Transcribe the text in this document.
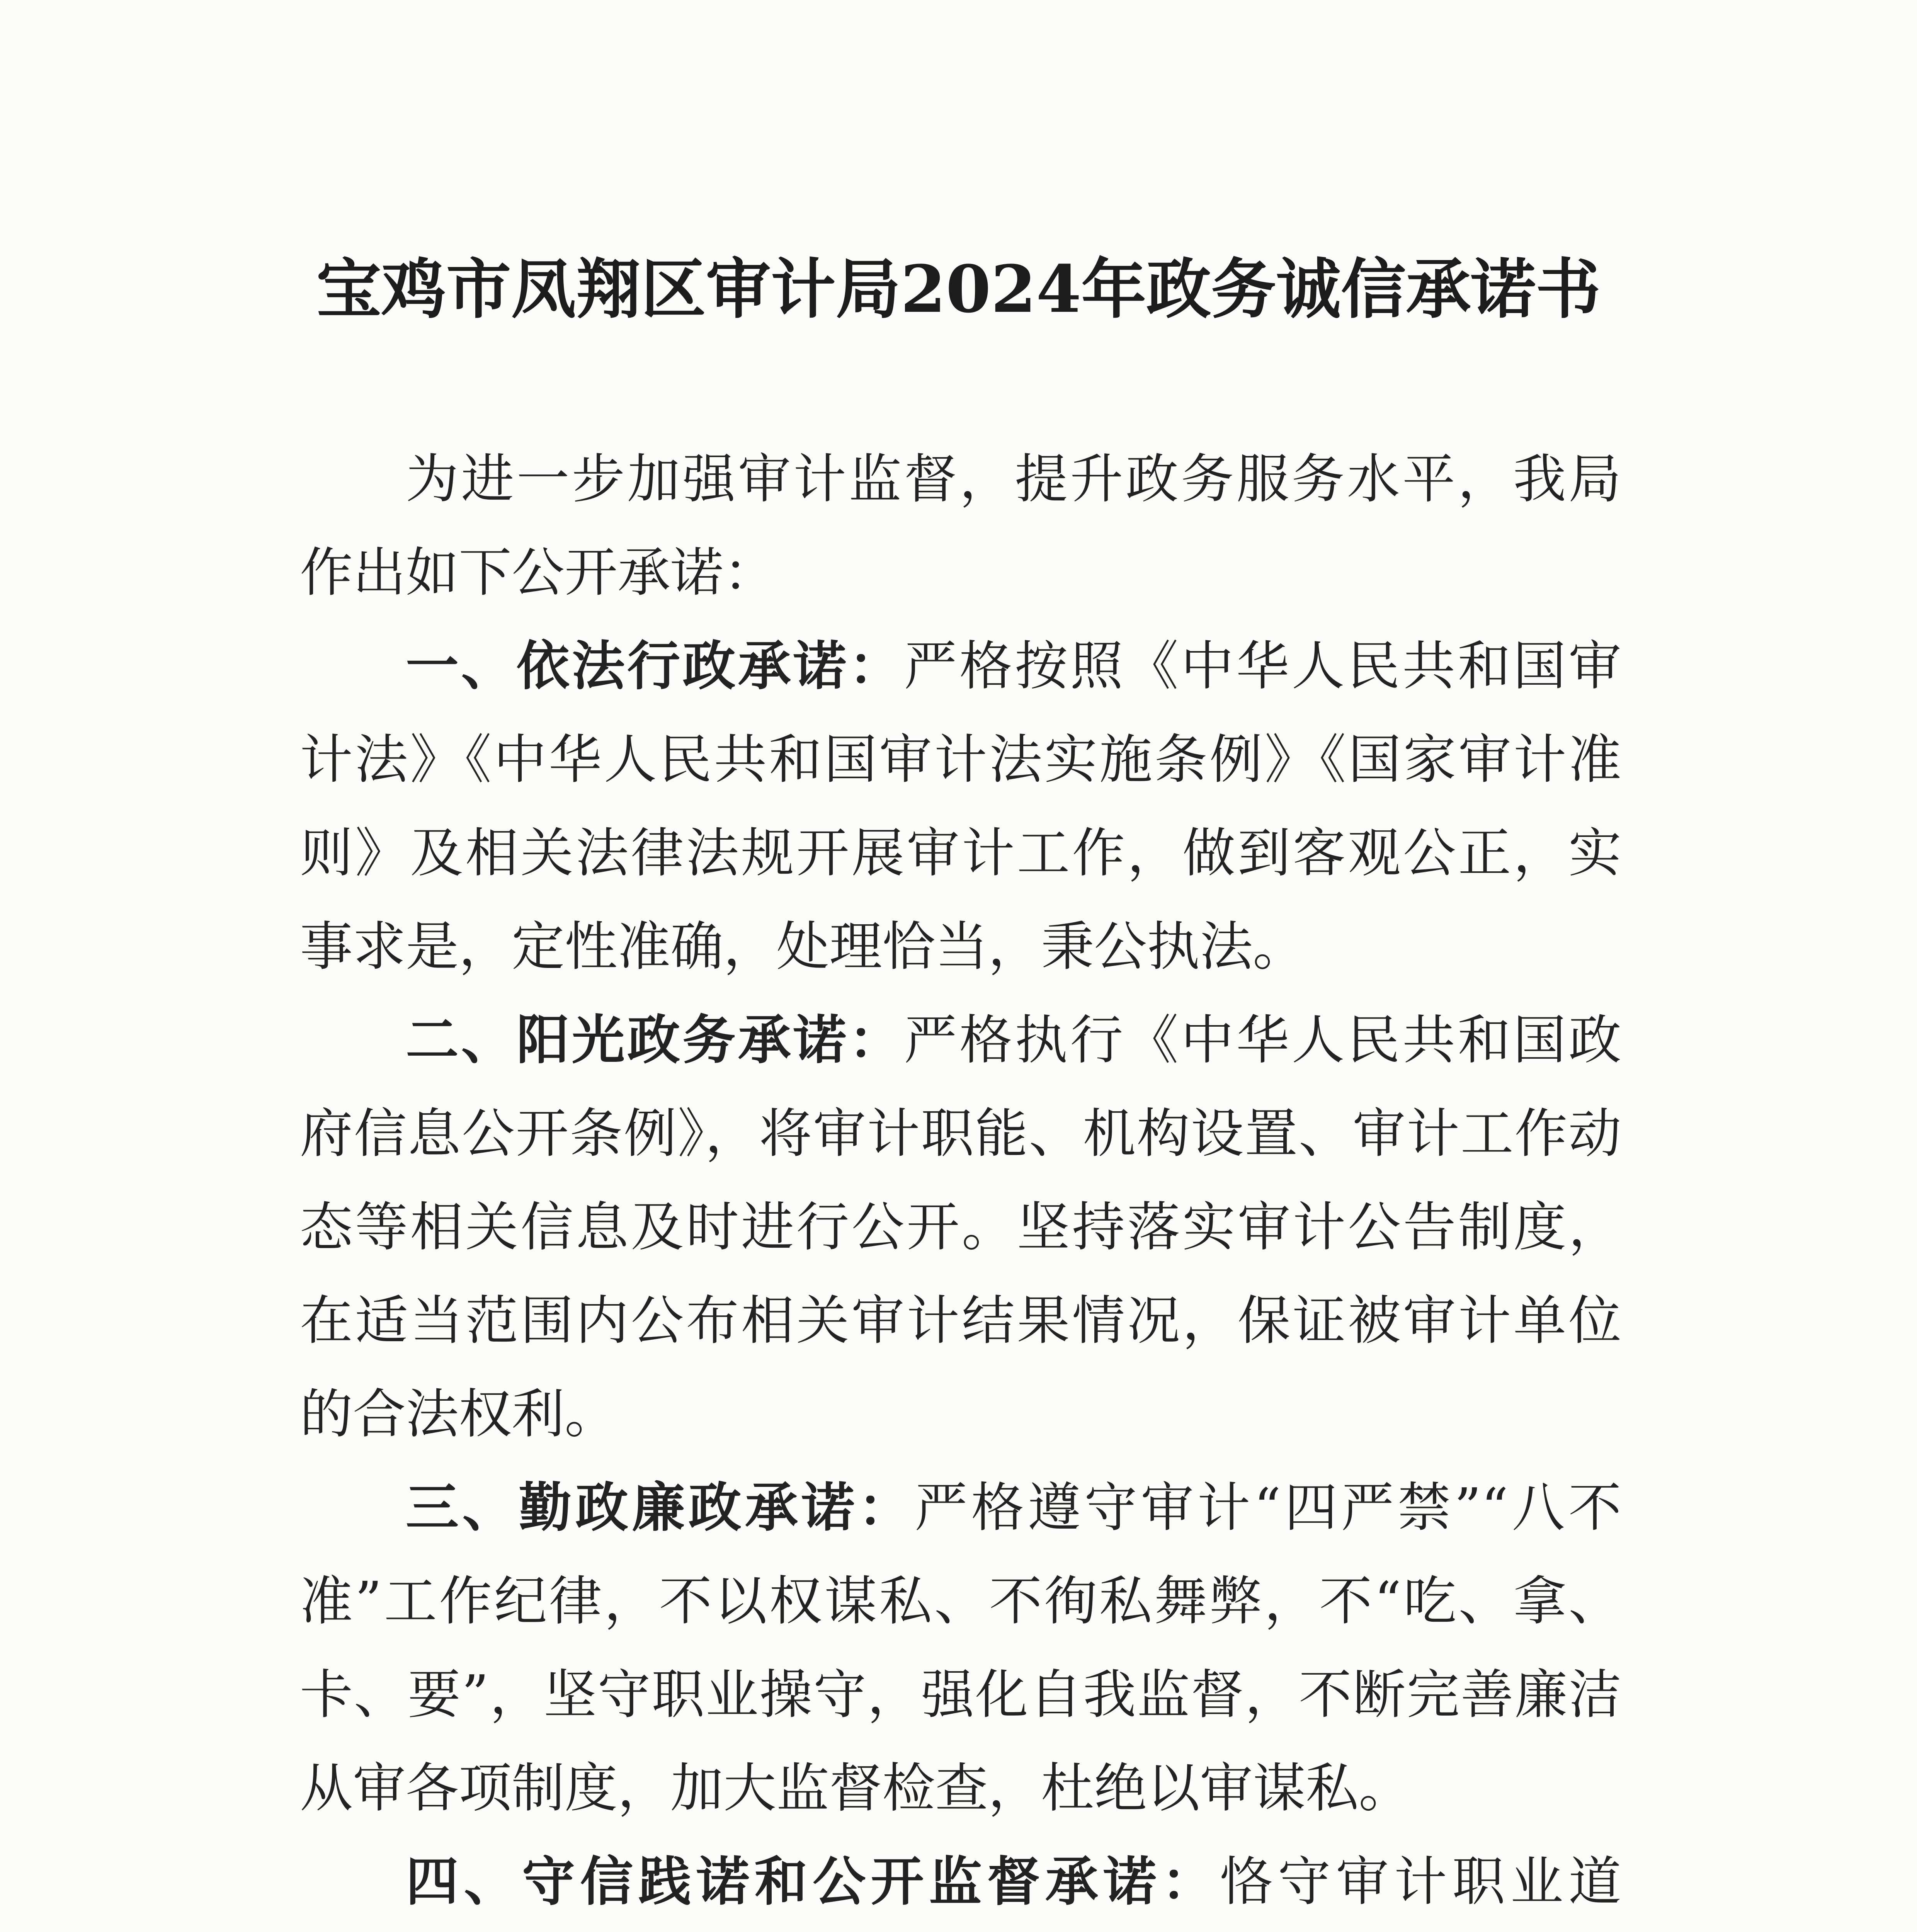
宝鸡市凤翔区审计局2024年政务诚信承诺书

为进一步加强审计监督，提升政务服务水平，我局作出如下公开承诺：

一、依法行政承诺：严格按照《中华人民共和国审计法》《中华人民共和国审计法实施条例》《国家审计准则》及相关法律法规开展审计工作，做到客观公正，实事求是，定性准确，处理恰当，秉公执法。

二、阳光政务承诺：严格执行《中华人民共和国政府信息公开条例》，将审计职能、机构设置、审计工作动态等相关信息及时进行公开。坚持落实审计公告制度，在适当范围内公布相关审计结果情况，保证被审计单位的合法权利。

三、勤政廉政承诺：严格遵守审计“四严禁”“八不准”工作纪律，不以权谋私、不徇私舞弊，不“吃、拿、卡、要”，坚守职业操守，强化自我监督，不断完善廉洁从审各项制度，加大监督检查，杜绝以审谋私。

四、守信践诺和公开监督承诺：恪守审计职业道
